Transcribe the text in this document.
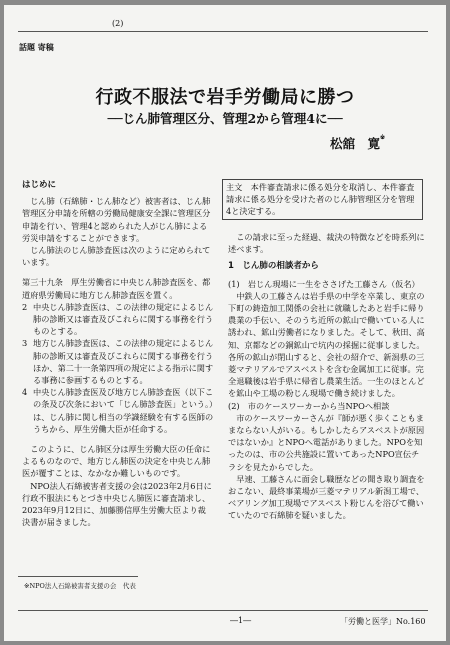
(2)
話題 寄稿
行政不服法で岩手労働局に勝つ
──じん肺管理区分、管理2から管理4に──
松舘　寛※

はじめに

じん肺（石綿肺・じん肺など）被害者は、じん肺管理区分申請を所轄の労働局健康安全課に管理区分申請を行い、管理4と認められた人がじん肺による労災申請をすることができます。

じん肺法のじん肺診査医は次のように定められています。

第三十九条　厚生労働省に中央じん肺診査医を、都道府県労働局に地方じん肺診査医を置く。

2 中央じん肺診査医は、この法律の規定によるじん肺の診断又は審査及びこれらに関する事務を行うものとする。
3 地方じん肺診査医は、この法律の規定によるじん肺の診断又は審査及びこれらに関する事務を行うほか、第二十一条第四項の規定による指示に関する事務に参画するものとする。
4 中央じん肺診査医及び地方じん肺診査医（以下この条及び次条において「じん肺診査医」という。）は、じん肺に関し相当の学識経験を有する医師のうちから、厚生労働大臣が任命する。

このように、じん肺区分は厚生労働大臣の任命によるものなので、地方じん肺医の決定を中央じん肺医が覆すことは、なかなか難しいものです。

NPO法人石綿被害者支援の会は2023年2月6日に行政不服法にもとづき中央じん肺医に審査請求し、2023年9月12日に、加藤勝信厚生労働大臣より裁決書が届きました。

主文　本件審査請求に係る処分を取消し、本件審査請求に係る処分を受けた者のじん肺管理区分を管理4と決定する。

この請求に至った経過、裁決の特徴などを時系列に述べます。

1　じん肺の相談者から

(1)　岩じん現場に一生をささげた工藤さん（仮名）

中鉄人の工藤さんは岩手県の中学を卒業し、東京の下町の鋳造加工関係の会社に就職したあと岩手に帰り農業の手伝い、そのうち近所の鉱山で働いている人に誘われ、鉱山労働者になりました。そして、秋田、高知、京都などの銅鉱山で坑内の採掘に従事しました。各所の鉱山が閉山すると、会社の紹介で、新潟県の三菱マテリアルでアスベストを含む金属加工に従事。完全退職後は岩手県に帰省し農業生活。一生のほとんどを鉱山や工場の粉じん現場で働き続けました。

(2)　市のケースワーカーから当NPOへ相談

市のケースワーカーさんが『師が悪く歩くこともままならない人がいる。もしかしたらアスベストが原因ではないか』とNPOへ電話がありました。NPOを知ったのは、市の公共施設に置いてあったNPO宣伝チラシを見たからでした。

早速、工藤さんに面会し職歴などの聞き取り調査をおこない、最終事業場が三菱マテリアル新潟工場で、ベアリング加工現場でアスベスト粉じんを浴びて働いていたので石綿肺を疑いました。

※NPO法人石綿被害者支援の会　代表
―1―	「労働と医学」No.160
